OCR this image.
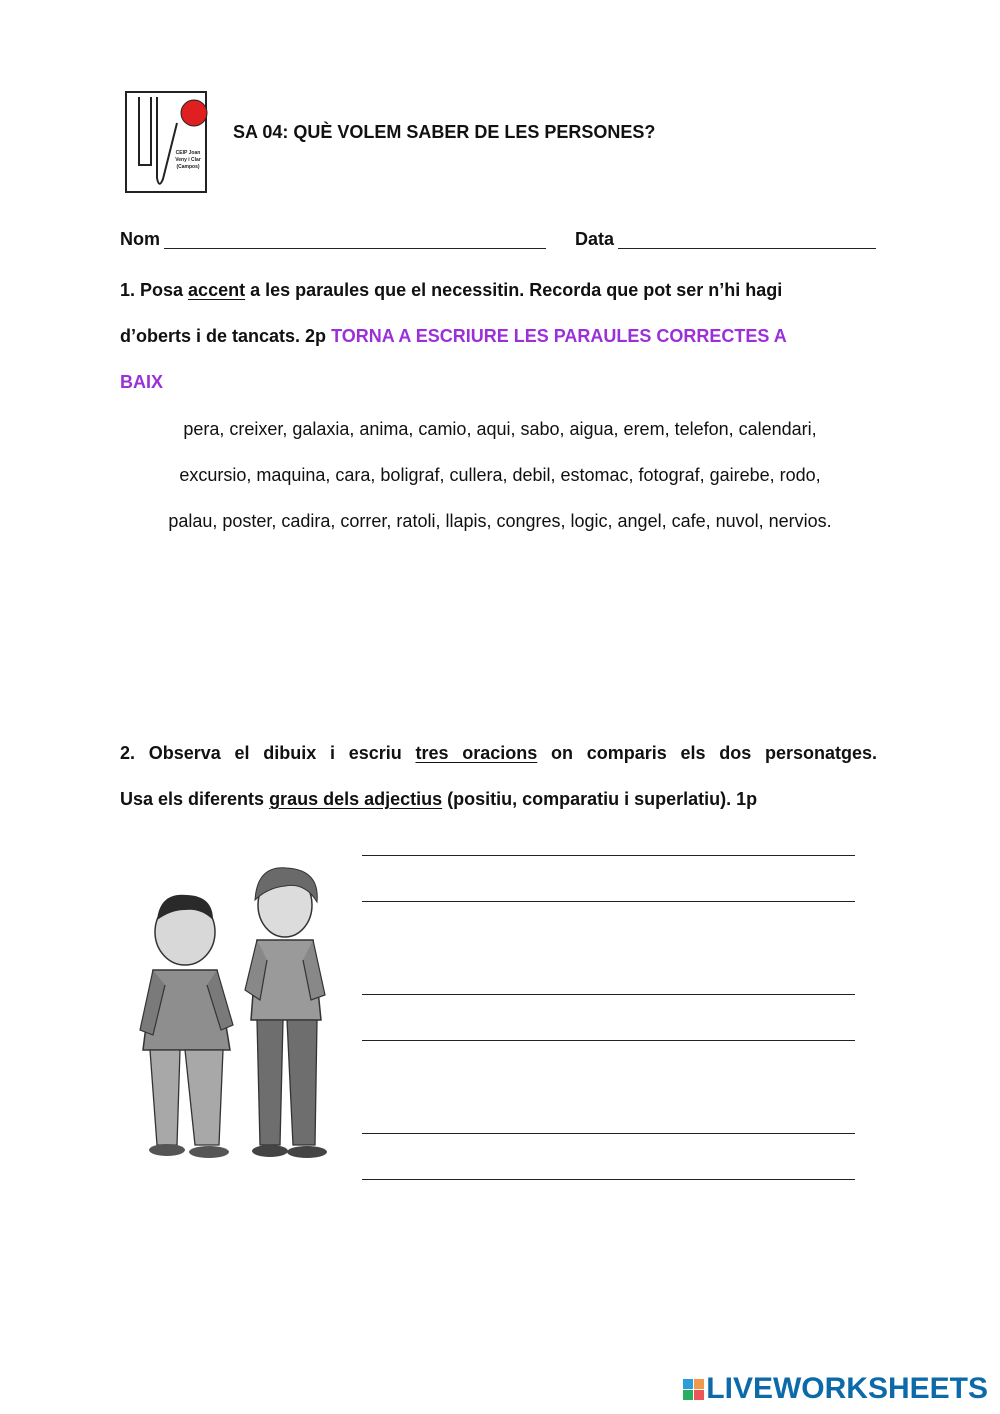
CEIP Joan Veny i Clar (Campos)
SA 04: QUÈ VOLEM SABER DE LES PERSONES?
Nom	Data
1. Posa accent a les paraules que el necessitin. Recorda que pot ser n’hi hagi
d’oberts i de tancats. 2p TORNA A ESCRIURE LES PARAULES CORRECTES A
BAIX
pera, creixer, galaxia, anima, camio, aqui, sabo, aigua, erem, telefon, calendari,
excursio, maquina, cara, boligraf, cullera, debil, estomac, fotograf, gairebe, rodo,
palau, poster, cadira, correr, ratoli, llapis, congres, logic, angel, cafe, nuvol, nervios.
2. Observa el dibuix i escriu tres oracions on comparis els dos personatges.
Usa els diferents graus dels adjectius (positiu, comparatiu i superlatiu). 1p
LIVEWORKSHEETS
